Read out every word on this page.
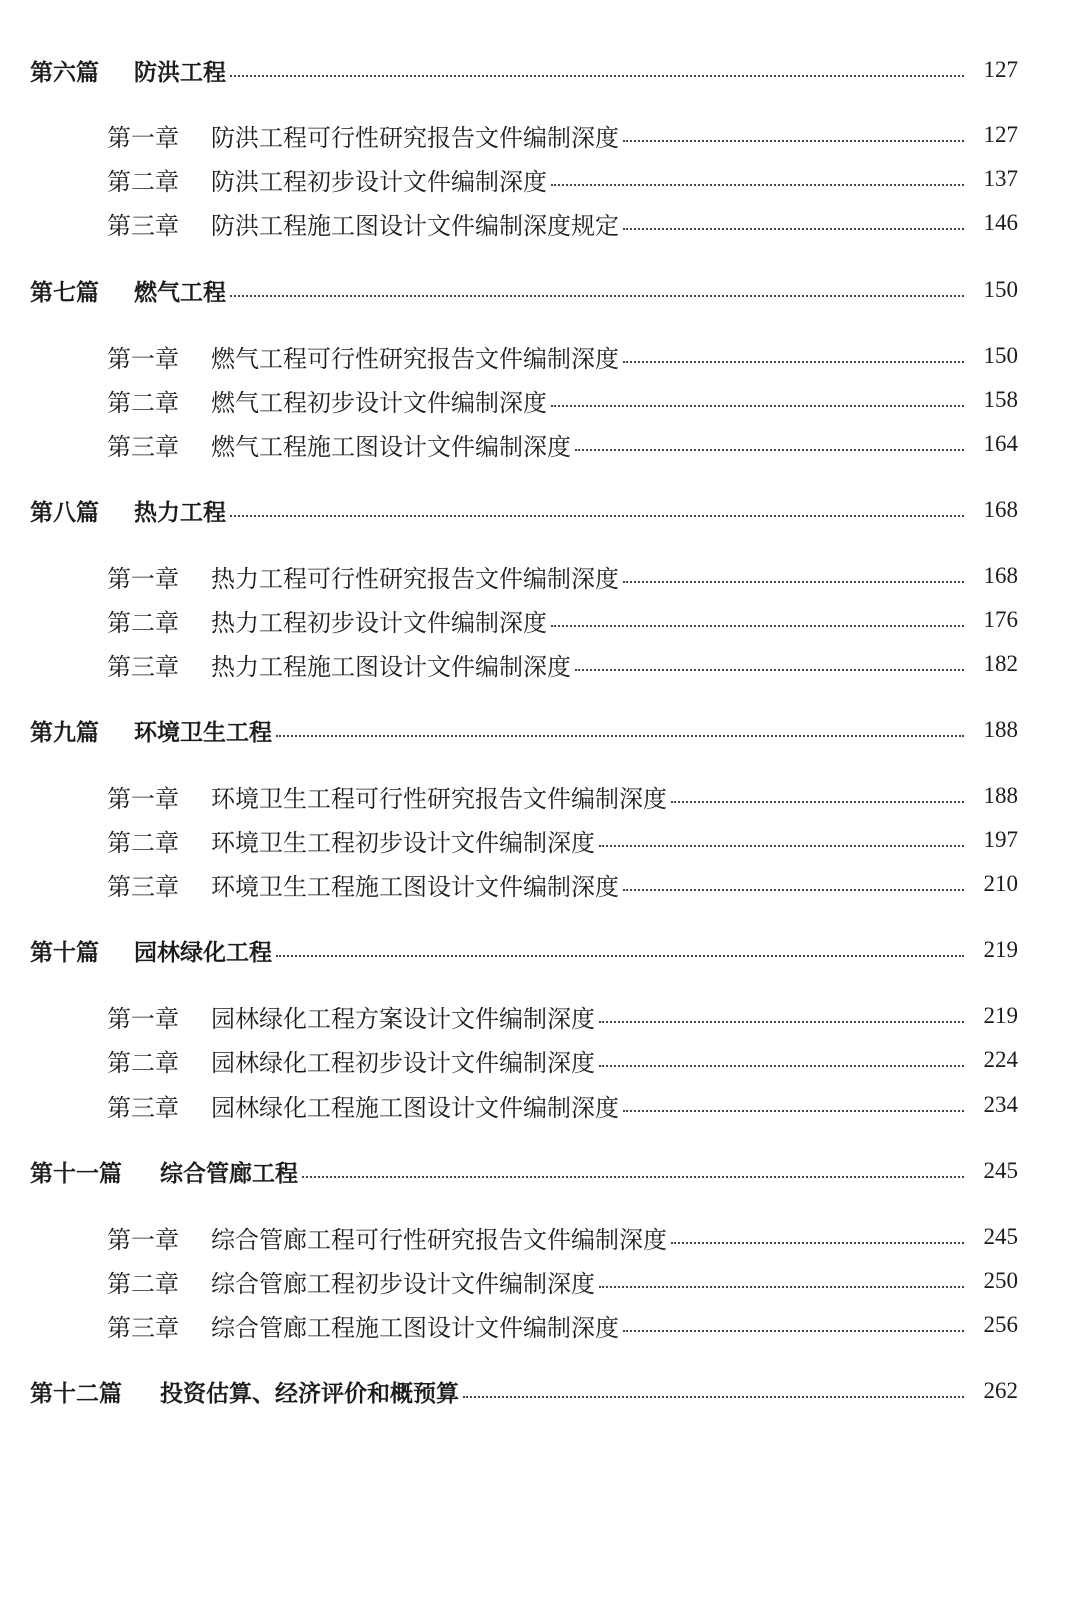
第六篇	防洪工程	127
第一章	防洪工程可行性研究报告文件编制深度	127
第二章	防洪工程初步设计文件编制深度	137
第三章	防洪工程施工图设计文件编制深度规定	146
第七篇	燃气工程	150
第一章	燃气工程可行性研究报告文件编制深度	150
第二章	燃气工程初步设计文件编制深度	158
第三章	燃气工程施工图设计文件编制深度	164
第八篇	热力工程	168
第一章	热力工程可行性研究报告文件编制深度	168
第二章	热力工程初步设计文件编制深度	176
第三章	热力工程施工图设计文件编制深度	182
第九篇	环境卫生工程	188
第一章	环境卫生工程可行性研究报告文件编制深度	188
第二章	环境卫生工程初步设计文件编制深度	197
第三章	环境卫生工程施工图设计文件编制深度	210
第十篇	园林绿化工程	219
第一章	园林绿化工程方案设计文件编制深度	219
第二章	园林绿化工程初步设计文件编制深度	224
第三章	园林绿化工程施工图设计文件编制深度	234
第十一篇	综合管廊工程	245
第一章	综合管廊工程可行性研究报告文件编制深度	245
第二章	综合管廊工程初步设计文件编制深度	250
第三章	综合管廊工程施工图设计文件编制深度	256
第十二篇	投资估算、经济评价和概预算	262
